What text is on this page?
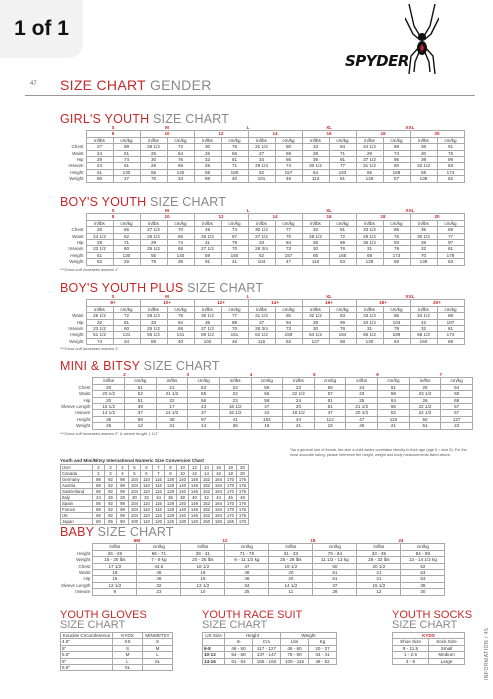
1 of 1
SPYDER
47 SIZE CHART GENDER
INFORMATION / 45
GIRL'S YOUTH SIZE CHART
	S		M		L				XL		XXL			
	8		10		12		14		16		18		20	
	in/lbs	cm/kg	in/lbs	cm/kg	in/lbs	cm/kg	in/lbs	cm/kg	in/lbs	cm/kg	in/lbs	cm/kg	in/lbs	cm/kg
Chest	27	69	28 1/2	72	30	76	31 1/2	80	33	84	34 1/2	88	36	91
Waist	24	61	25	64	26	66	27	69	28	71	29	74	30	76
Hip	29	74	30	76	32	81	34	86	36	91	37 1/2	95	39	99
Inseam	24	61	26	66	28	71	29 1/4	74	30 1/2	77	31 1/2	80	32 1/2	83
Height	51	130	55	140	59	150	62	157	64	163	66	168	68	173
Weight	60	27	75	34	88	40	101	46	113	51	126	57	138	62
BOY'S YOUTH SIZE CHART
	S		M		L				XL		XXL			
	8		10		12		14		16		18		20	
	in/lbs	cm/kg	in/lbs	cm/kg	in/lbs	cm/kg	in/lbs	cm/kg	in/lbs	cm/kg	in/lbs	cm/kg	in/lbs	cm/kg
Chest	26	66	27 1/2	70	29	74	30 1/2	77	32	81	33 1/2	85	35	89
Waist	24 1/2	62	25 1/2	65	26 1/2	67	27 1/2	70	28 1/2	72	29 1/2	75	30 1/2	77
Hip	28	71	29	74	31	79	33	84	35	89	36 1/2	93	38	97
Inseam	23 1/2	60	25 1/2	65	27 1/2	70	28 3/4	73	30	76	31	79	32	81
Height	51	130	55	140	59	150	62	157	65	165	68	173	70	178
Weight	63	29	78	35	91	41	104	47	116	53	129	59	139	63
***Grow cuff increases inseam 1"
BOY'S YOUTH PLUS SIZE CHART
	S		M		L				XL		XXL			
	8+		10+		12+		14+		16+		18+		20+	
	in/lbs	cm/kg	in/lbs	cm/kg	in/lbs	cm/kg	in/lbs	cm/kg	in/lbs	cm/kg	in/lbs	cm/kg	in/lbs	cm/kg
Waist	28 1/2	72	29 1/2	75	30 1/2	77	31 1/2	80	32 1/2	83	33 1/2	85	34 1/2	88
Hip	32	81	33	84	35	89	37	94	39	99	40 1/2	103	42	107
Inseam	23 1/2	60	25 1/2	65	27 1/2	70	28 3/4	73	30	76	31	79	32	81
Height	51 1/2	131	55 1/2	141	59 1/2	151	62 1/2	159	64 1/2	164	66 1/2	169	68 1/2	174
Weight	74	34	89	40	102	46	115	52	127	58	140	64	150	68
***Grow cuff increases inseam 1"
MINI & BITSY SIZE CHART
	2		3		4		5		6		7	
	in/lbs	cm/kg	in/lbs	cm/kg	in/lbs	cm/kg	in/lbs	cm/kg	in/lbs	cm/kg	in/lbs	cm/kg
Chest	20	51	21	53	22	56	23	58	24	61	25	64
Waist	20 1/2	52	21 1/2	55	22	56	22 1/2	57	23	58	23 1/2	60
Hip	20	51	22	56	23	58	24	61	25	64	26	66
Sleeve Length	15 1/2	39	17	43	18 1/2	47	20	51	21 1/2	55	22 1/2	57
Inseam	14 1/2	37	14 1/2	37	16 1/2	42	18 1/2	47	20 1/2	52	22 1/2	57
Height	35	89	38	97	41	104	44	112	47	119	50	127
Weight	26	12	31	14	36	16	41	19	46	21	51	23
***Grow cuff increases inseam 2" & sleeve length 1 1/2"
*As a general rule of thumb, the size a child wears correlates directly to their age (age 5 = size 5). For the most accurate sizing, please reference the height, weight and body measurements listed above.
Youth and Mini/Bitsy International Numeric Size Conversion Chart
USA	2	3	4	5	6	7	8	10	12	14	16	18	20
Canada	2	3	4	5	6	7	8	10	12	14	16	18	20
Germany	86	92	98	104	110	116	128	140	146	152	164	170	176
Austria	86	92	98	104	110	116	128	140	146	152	164	170	176
Switzerland	86	92	98	104	110	116	128	140	146	152	164	170	176
Italy	24	26	28	30	32	34	36	38	40	42	44	46	48
Spain	86	92	98	104	110	116	128	140	146	152	164	170	176
France	86	92	98	104	110	116	128	140	146	152	164	170	176
UK	86	92	98	104	110	116	128	140	146	152	164	170	176
Japan	80	85	90	100	110	120	125	130	140	150	160	165	170
BABY SIZE CHART
	6M		12		18		24	
	in/lbs	cm/kg	in/lbs	cm/kg	in/lbs	cm/kg	in/lbs	cm/kg
Height	26 - 28	66 - 71	28 - 31	71 - 79	31 - 33	79 - 84	33 - 35	84 - 89
Weight	15 - 20 lbs	7 - 9 kg	20 - 25 lbs	9 - 11 1/2 kg	25 - 28 lbs	11 1/2 - 13 kg	28 - 32 lbs	13 - 14 1/2 kg
Chest	17 1/2	44.5	18 1/2	47	19 1/2	50	20 1/2	52
Waist	18	46	19	48	20	51	21	53
Hip	18	46	19	48	20	51	21	53
Sleeve Length	12 1/2	32	13 1/2	34	14 1/2	37	15 1/2	39
Inseam	9	23	10	25	11	28	12	30
YOUTH GLOVES
SIZE CHART
Knuckle Circumference	KYDS	MINI/BITSY
4.5"	XS	S
5"	S	M
5.5"	M	L
6"	L	XL
6.5"	XL	
YOUTH RACE SUIT
SIZE CHART
US Size	Height		Weight	
	In	Cm	Lbs	Kg
6-8	46 - 50	117 - 127	45 - 60	20 - 27
10-12	54 - 58	137 - 147	75 - 90	34 - 41
14-16	61 - 64	155 - 163	105 - 115	48 - 52
YOUTH SOCKS
SIZE CHART
KYDS	
Shoe Size	Sock Size
9 - 11.5	Small
1 - 2.5	Medium
3 - 6	Large
